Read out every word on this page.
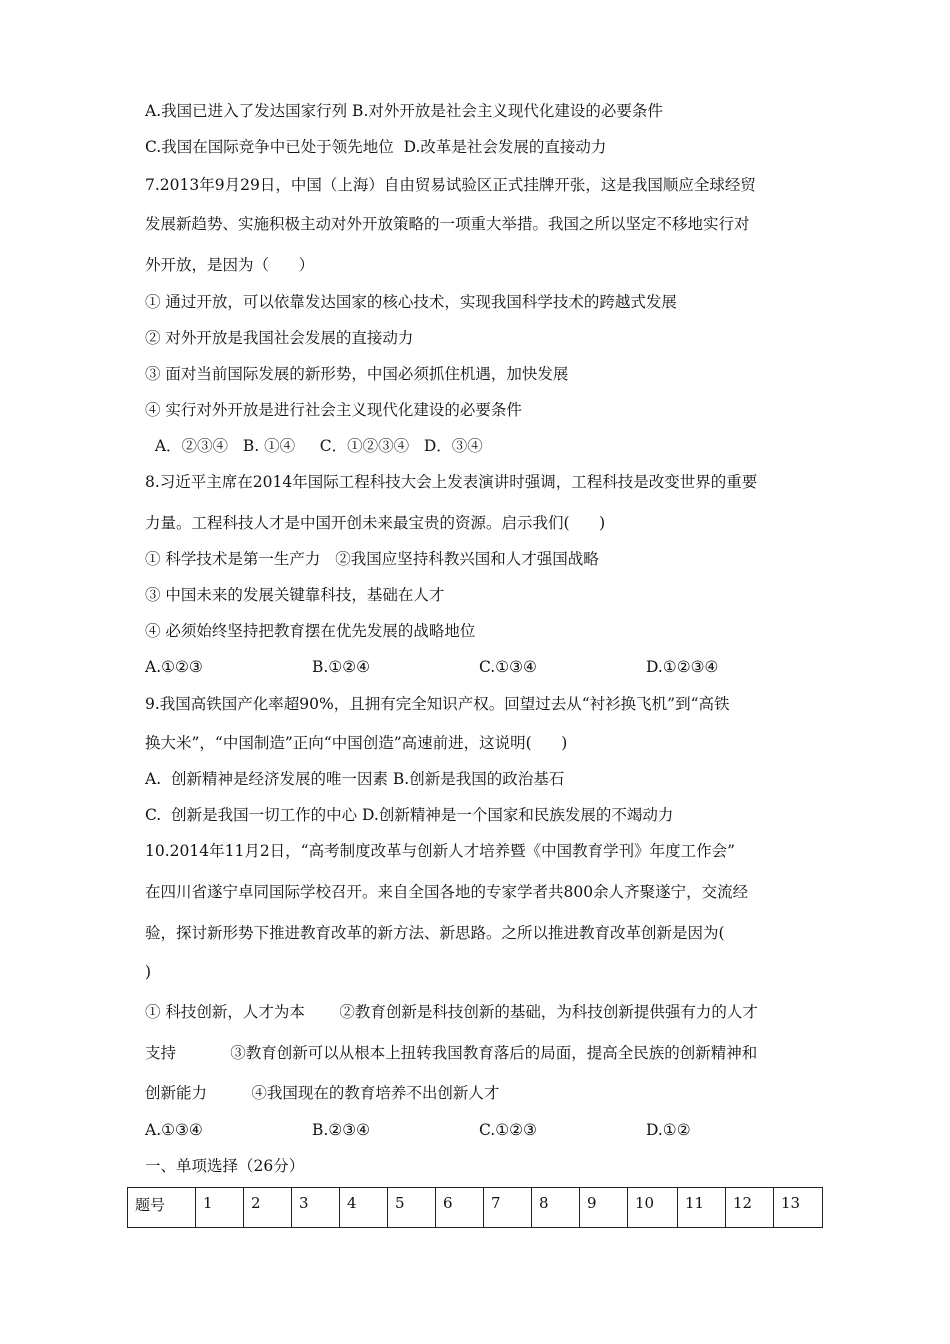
A.我国已进入了发达国家行列 B.对外开放是社会主义现代化建设的必要条件
C.我国在国际竞争中已处于领先地位  D.改革是社会发展的直接动力
7.2013年9月29日，中国（上海）自由贸易试验区正式挂牌开张，这是我国顺应全球经贸
发展新趋势、实施积极主动对外开放策略的一项重大举措。我国之所以坚定不移地实行对
外开放，是因为（      ）
① 通过开放，可以依靠发达国家的核心技术，实现我国科学技术的跨越式发展
② 对外开放是我国社会发展的直接动力
③ 面对当前国际发展的新形势，中国必须抓住机遇，加快发展
④ 实行对外开放是进行社会主义现代化建设的必要条件
A．②③④   B. ①④     C．①②③④   D．③④
8.习近平主席在2014年国际工程科技大会上发表演讲时强调，工程科技是改变世界的重要
力量。工程科技人才是中国开创未来最宝贵的资源。启示我们(      )
① 科学技术是第一生产力   ②我国应坚持科教兴国和人才强国战略
③ 中国未来的发展关键靠科技，基础在人才
④ 必须始终坚持把教育摆在优先发展的战略地位
A.①②③	B.①②④	C.①③④	D.①②③④
9.我国高铁国产化率超90%，且拥有完全知识产权。回望过去从“衬衫换飞机”到“高铁
换大米”，“中国制造”正向“中国创造”高速前进，这说明(      )
A.  创新精神是经济发展的唯一因素 B.创新是我国的政治基石
C.  创新是我国一切工作的中心 D.创新精神是一个国家和民族发展的不竭动力
10.2014年11月2日，“高考制度改革与创新人才培养暨《中国教育学刊》年度工作会”
在四川省遂宁卓同国际学校召开。来自全国各地的专家学者共800余人齐聚遂宁，交流经
验，探讨新形势下推进教育改革的新方法、新思路。之所以推进教育改革创新是因为(
)
① 科技创新，人才为本       ②教育创新是科技创新的基础，为科技创新提供强有力的人才
支持           ③教育创新可以从根本上扭转我国教育落后的局面，提高全民族的创新精神和
创新能力         ④我国现在的教育培养不出创新人才
A.①③④	B.②③④	C.①②③	D.①②
一、单项选择（26分）
题号	1	2	3	4	5	6	7	8	9	10	11	12	13
